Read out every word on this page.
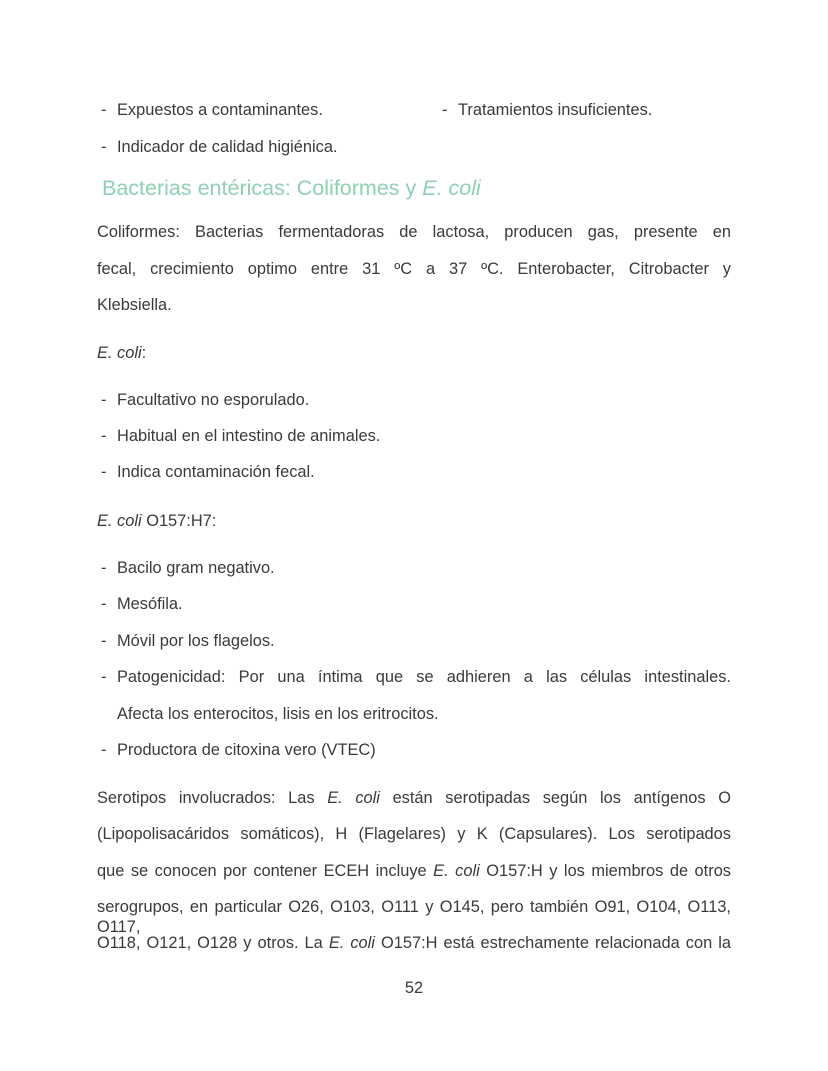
- Expuestos a contaminantes.	- Tratamientos insuficientes.
- Indicador de calidad higiénica.
Bacterias entéricas: Coliformes y E. coli
Coliformes: Bacterias fermentadoras de lactosa, producen gas, presente en
fecal, crecimiento optimo entre 31 ºC a 37 ºC. Enterobacter, Citrobacter y
Klebsiella.
E. coli:
- Facultativo no esporulado.
- Habitual en el intestino de animales.
- Indica contaminación fecal.
E. coli O157:H7:
- Bacilo gram negativo.
- Mesófila.
- Móvil por los flagelos.
- Patogenicidad: Por una íntima que se adhieren a las células intestinales.
Afecta los enterocitos, lisis en los eritrocitos.
- Productora de citoxina vero (VTEC)
Serotipos involucrados: Las E. coli están serotipadas según los antígenos O
(Lipopolisacáridos somáticos), H (Flagelares) y K (Capsulares). Los serotipados
que se conocen por contener ECEH incluye E. coli O157:H y los miembros de otros
serogrupos, en particular O26, O103, O111 y O145, pero también O91, O104, O113, O117,
O118, O121, O128 y otros. La E. coli O157:H está estrechamente relacionada con la
52
